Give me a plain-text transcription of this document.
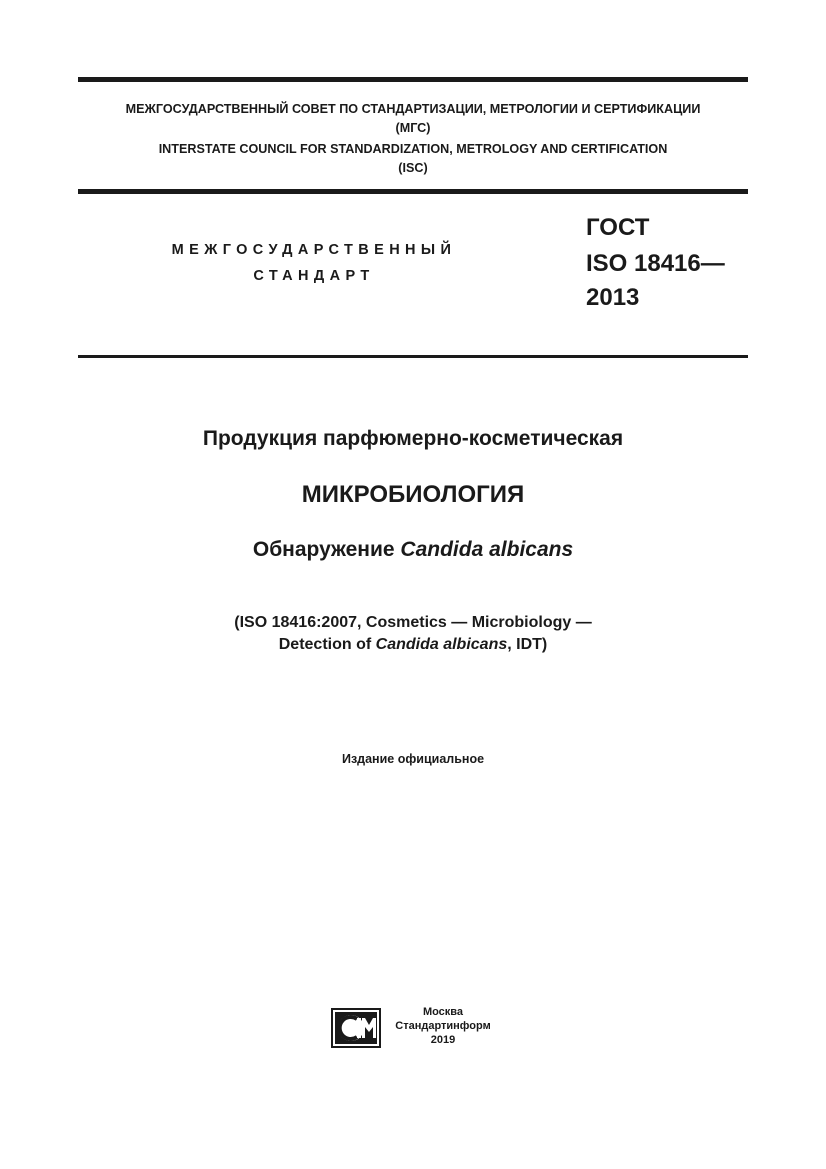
МЕЖГОСУДАРСТВЕННЫЙ СОВЕТ ПО СТАНДАРТИЗАЦИИ, МЕТРОЛОГИИ И СЕРТИФИКАЦИИ
(МГС)
INTERSTATE COUNCIL FOR STANDARDIZATION, METROLOGY AND CERTIFICATION
(ISC)
МЕЖГОСУДАРСТВЕННЫЙ
СТАНДАРТ
ГОСТ
ISO 18416—
2013
Продукция парфюмерно-косметическая
МИКРОБИОЛОГИЯ
Обнаружение Candida albicans
(ISO 18416:2007, Cosmetics — Microbiology —
Detection of Candida albicans, IDT)
Издание официальное
Москва
Стандартинформ
2019
